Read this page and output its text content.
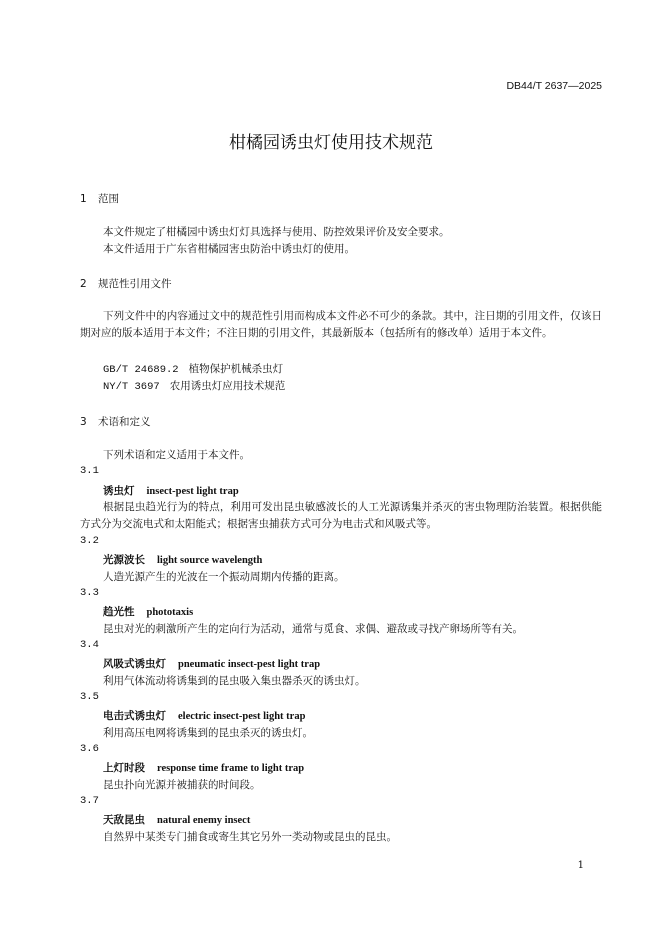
DB44/T 2637—2025
柑橘园诱虫灯使用技术规范
1 范围
本文件规定了柑橘园中诱虫灯灯具选择与使用、防控效果评价及安全要求。
本文件适用于广东省柑橘园害虫防治中诱虫灯的使用。
2 规范性引用文件
下列文件中的内容通过文中的规范性引用而构成本文件必不可少的条款。其中，注日期的引用文件，仅该日期对应的版本适用于本文件；不注日期的引用文件，其最新版本（包括所有的修改单）适用于本文件。
GB/T 24689.2 植物保护机械杀虫灯
NY/T 3697 农用诱虫灯应用技术规范
3 术语和定义
下列术语和定义适用于本文件。
3.1
诱虫灯 insect-pest light trap
根据昆虫趋光行为的特点，利用可发出昆虫敏感波长的人工光源诱集并杀灭的害虫物理防治装置。根据供能方式分为交流电式和太阳能式；根据害虫捕获方式可分为电击式和风吸式等。
3.2
光源波长 light source wavelength
人造光源产生的光波在一个振动周期内传播的距离。
3.3
趋光性 phototaxis
昆虫对光的刺激所产生的定向行为活动，通常与觅食、求偶、避敌或寻找产卵场所等有关。
3.4
风吸式诱虫灯 pneumatic insect-pest light trap
利用气体流动将诱集到的昆虫吸入集虫器杀灭的诱虫灯。
3.5
电击式诱虫灯 electric insect-pest light trap
利用高压电网将诱集到的昆虫杀灭的诱虫灯。
3.6
上灯时段 response time frame to light trap
昆虫扑向光源并被捕获的时间段。
3.7
天敌昆虫 natural enemy insect
自然界中某类专门捕食或寄生其它另外一类动物或昆虫的昆虫。
1
